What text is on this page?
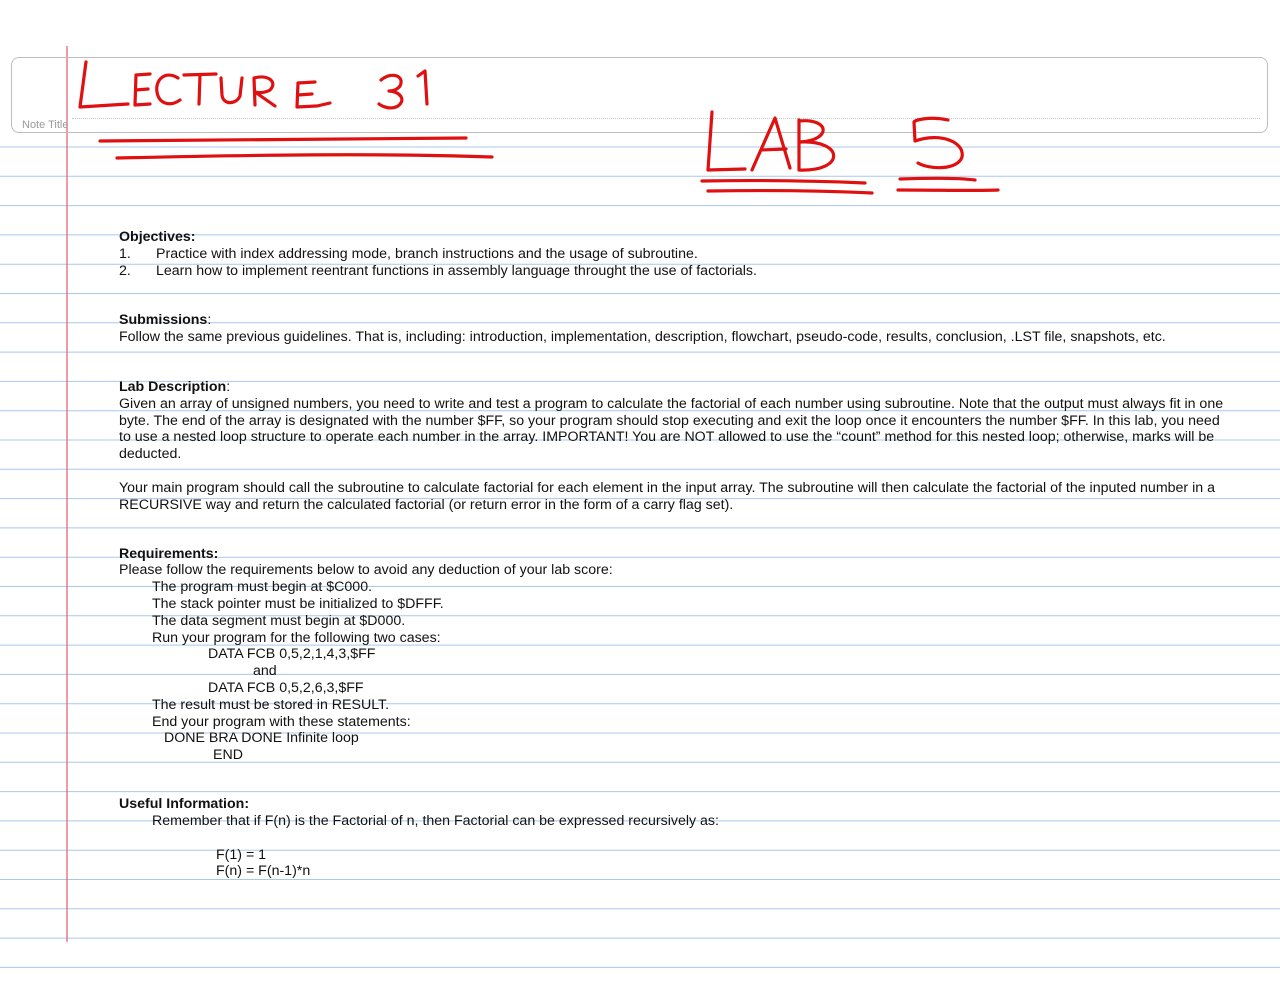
Note Title

Objectives:

1.	Practice with index addressing mode, branch instructions and the usage of subroutine.
2.	Learn how to implement reentrant functions in assembly language throught the use of factorials.

Submissions:

Follow the same previous guidelines. That is, including: introduction, implementation, description, flowchart, pseudo-code, results, conclusion, .LST file, snapshots, etc.

Lab Description:

Given an array of unsigned numbers, you need to write and test a program to calculate the factorial of each number using subroutine. Note that the output must always fit in one byte. The end of the array is designated with the number $FF, so your program should stop executing and exit the loop once it encounters the number $FF. In this lab, you need to use a nested loop structure to operate each number in the array. IMPORTANT! You are NOT allowed to use the “count” method for this nested loop; otherwise, marks will be deducted.

Your main program should call the subroutine to calculate factorial for each element in the input array. The subroutine will then calculate the factorial of the inputed number in a RECURSIVE way and return the calculated factorial (or return error in the form of a carry flag set).

Requirements:

Please follow the requirements below to avoid any deduction of your lab score:

The program must begin at $C000.

The stack pointer must be initialized to $DFFF.

The data segment must begin at $D000.

Run your program for the following two cases:

DATA FCB 0,5,2,1,4,3,$FF

and

DATA FCB 0,5,2,6,3,$FF

The result must be stored in RESULT.

End your program with these statements:

DONE BRA DONE Infinite loop

END

Useful Information:

Remember that if F(n) is the Factorial of n, then Factorial can be expressed recursively as:

F(1) = 1

F(n) = F(n-1)*n
